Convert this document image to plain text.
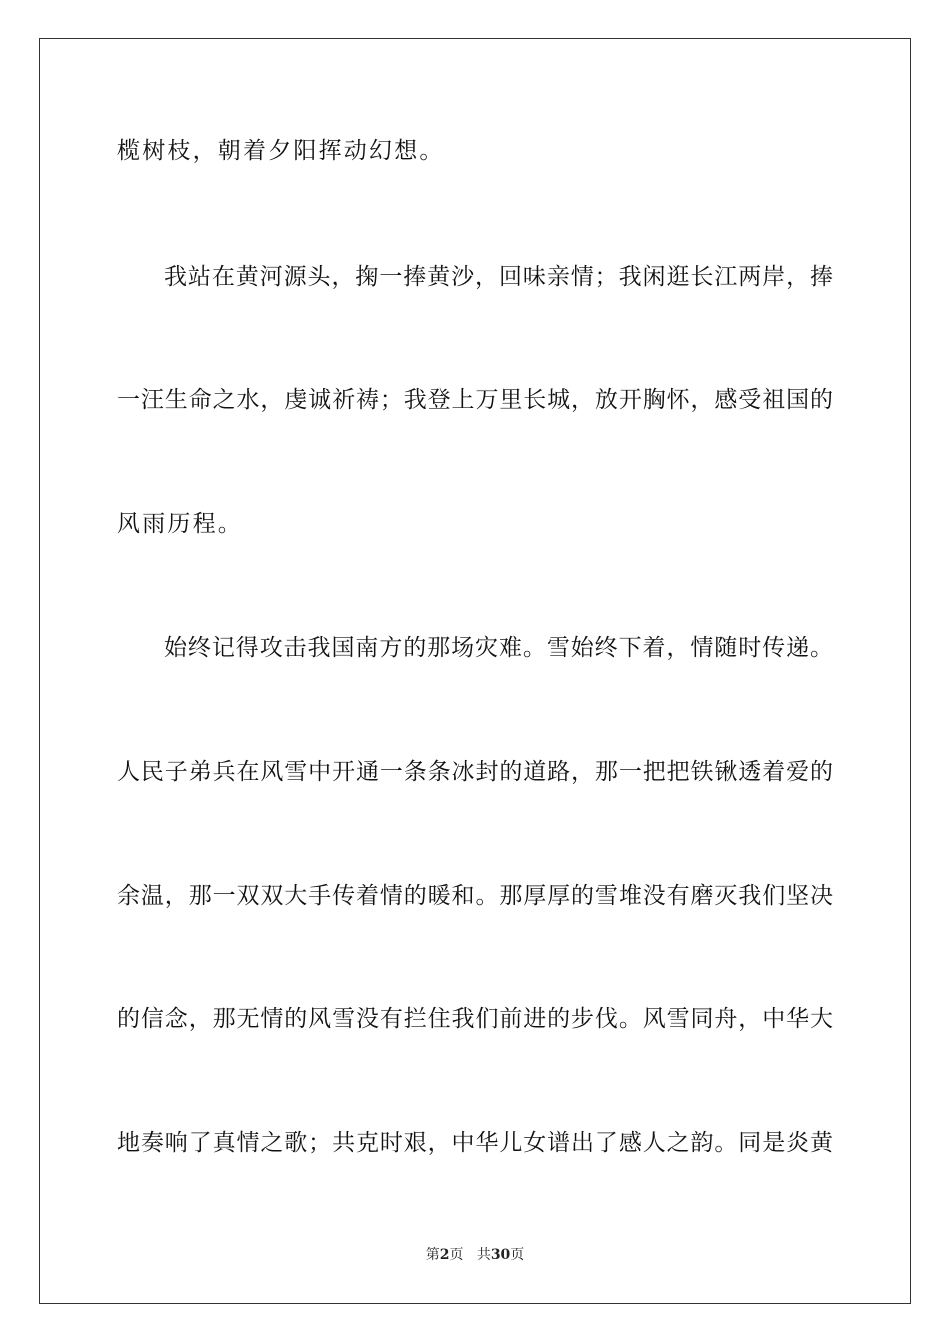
榄树枝，朝着夕阳挥动幻想。
我站在黄河源头，掬一捧黄沙，回味亲情；我闲逛长江两岸，捧
一汪生命之水，虔诚祈祷；我登上万里长城，放开胸怀，感受祖国的
风雨历程。
始终记得攻击我国南方的那场灾难。雪始终下着，情随时传递。
人民子弟兵在风雪中开通一条条冰封的道路，那一把把铁锹透着爱的
余温，那一双双大手传着情的暖和。那厚厚的雪堆没有磨灭我们坚决
的信念，那无情的风雪没有拦住我们前进的步伐。风雪同舟，中华大
地奏响了真情之歌；共克时艰，中华儿女谱出了感人之韵。同是炎黄
第2页 共30页
